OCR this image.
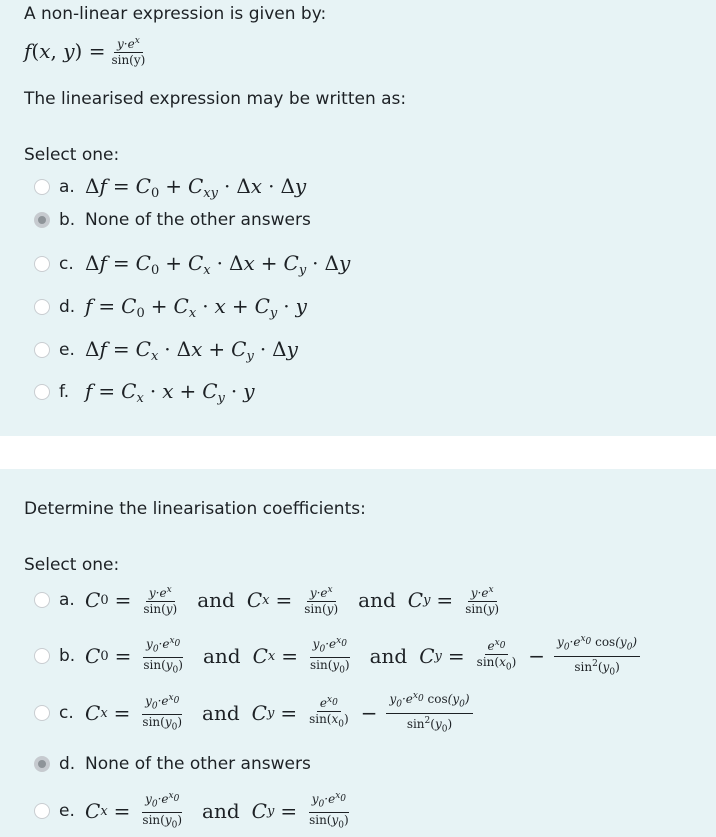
A non-linear expression is given by:
f ( x , y ) = $\frac{y\cdot e^x}{\sin(y)}$
The linearised expression may be written as:
Select one:
a. $\Delta f = C_0 + C_{xy} \cdot \Delta x \cdot \Delta y$
b. None of the other answers
c. $\Delta f = C_0 + C_x \cdot \Delta x + C_y \cdot \Delta y$
d. $f = C_0 + C_x \cdot x + C_y \cdot y$
e. $\Delta f = C_x \cdot \Delta x + C_y \cdot \Delta y$
f. $f = C_x \cdot x + C_y \cdot y$
Determine the linearisation coefficients:
Select one:
a. C $0 = \frac{y\cdot e^x}{\sin(y)}$ and C $x = \frac{y\cdot e^x}{\sin(y)}$ and C $y = \frac{y\cdot e^x}{\sin(y)}$
b. C $0 = \frac{y_0\cdot e^{x_0}}{\sin(y_0)}$ and C $x = \frac{y_0\cdot e^{x_0}}{\sin(y_0)}$ and C $y = \frac{e^{x_0}}{\sin(x_0)} - \frac{y_0\cdot e^{x_0} \cos(y_0)}{\sin^2(y_0)}$
c. C $x = \frac{y_0\cdot e^{x_0}}{\sin(y_0)}$ and C $y = \frac{e^{x_0}}{\sin(x_0)} - \frac{y_0\cdot e^{x_0} \cos(y_0)}{\sin^2(y_0)}$
d. None of the other answers
e. C $x = \frac{y_0\cdot e^{x_0}}{\sin(y_0)}$ and C $y = \frac{y_0\cdot e^{x_0}}{\sin(y_0)}$
